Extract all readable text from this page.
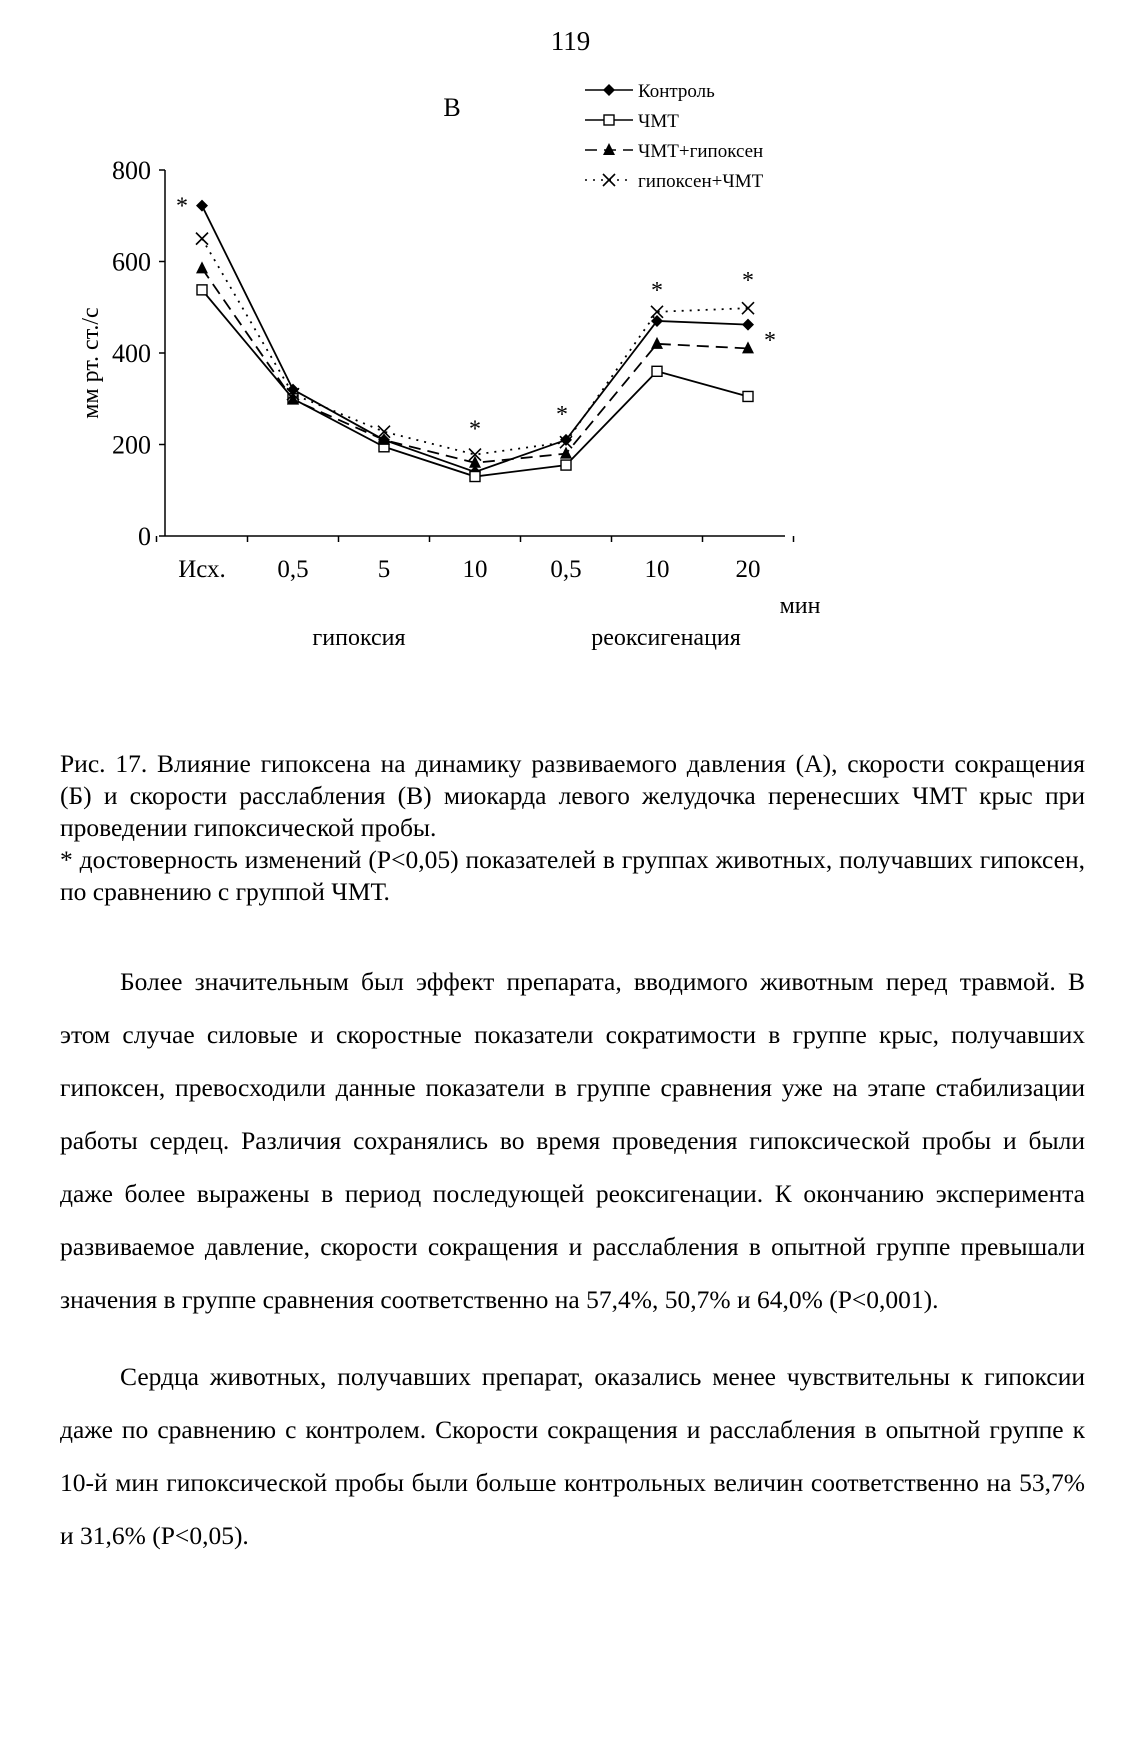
119
0
200
400
600
800
Исх. 0,5	5	10	0,5	10	20
Контроль
ЧМТ
ЧМТ+гипоксен
гипоксен+ЧМТ
мм рт. ст./с
В
мин
гипоксия	реоксигенация
*
*
*
*	*
*

Рис. 17. Влияние гипоксена на динамику развиваемого давления (А), скорости сокращения (Б) и скорости расслабления (В) миокарда левого желудочка перенесших ЧМТ крыс при проведении гипоксической пробы.

* достоверность изменений (P<0,05) показателей в группах животных, получавших гипоксен, по сравнению с группой ЧМТ.

Более значительным был эффект препарата, вводимого животным перед травмой. В этом случае силовые и скоростные показатели сократимости в группе крыс, получавших гипоксен, превосходили данные показатели в группе сравнения уже на этапе стабилизации работы сердец. Различия сохранялись во время проведения гипоксической пробы и были даже более выражены в период последующей реоксигенации. К окончанию эксперимента развиваемое давление, скорости сокращения и расслабления в опытной группе превышали значения в группе сравнения соответственно на 57,4%, 50,7% и 64,0% (P<0,001).

Сердца животных, получавших препарат, оказались менее чувствительны к гипоксии даже по сравнению с контролем. Скорости сокращения и расслабления в опытной группе к 10-й мин гипоксической пробы были больше контрольных величин соответственно на 53,7% и 31,6% (P<0,05).
